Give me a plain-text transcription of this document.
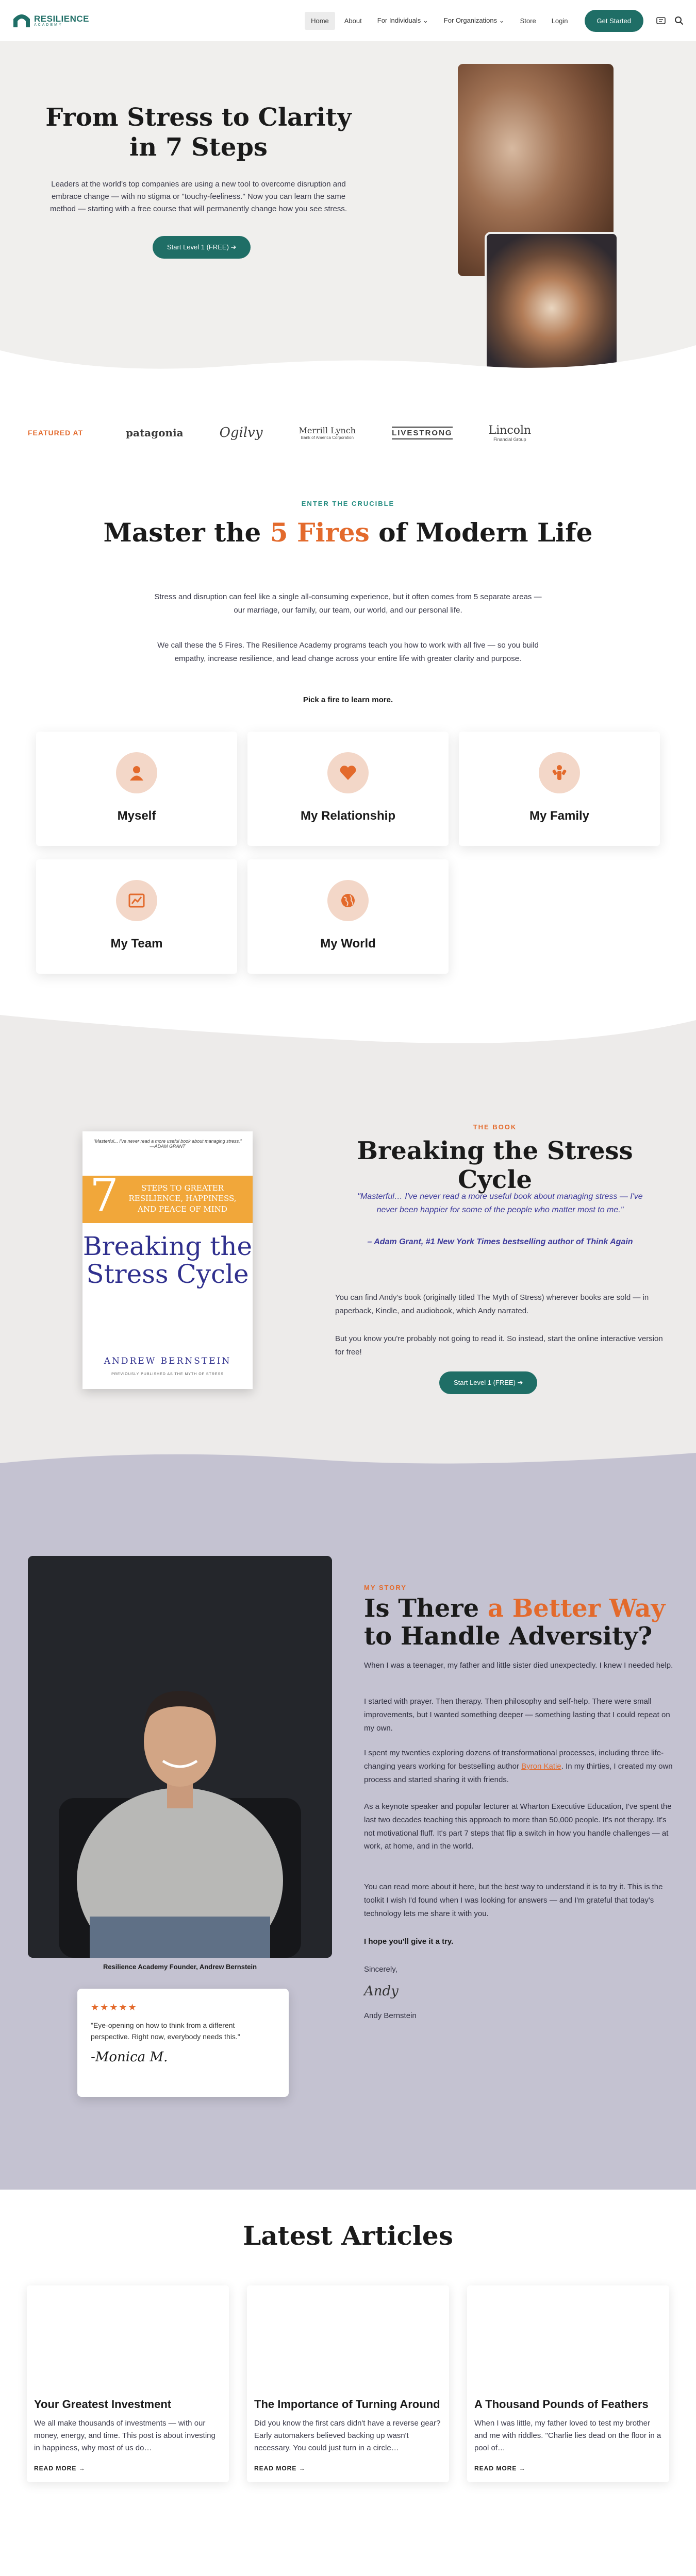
RESILIENCE
ACADEMY
Home	About	For Individuals ⌄	For Organizations ⌄	Store	Login	Get Started
From Stress to Clarity in 7 Steps

Leaders at the world's top companies are using a new tool to overcome disruption and embrace change — with no stigma or "touchy-feeliness." Now you can learn the same method — starting with a free course that will permanently change how you see stress.

Start Level 1 (FREE) ➔
FEATURED AT	patagonia	Ogilvy	Merrill Lynch
Bank of America Corporation
LIVESTRONG	Lincoln
Financial Group
ENTER THE CRUCIBLE
Master the 5 Fires of Modern Life

Stress and disruption can feel like a single all-consuming experience, but it often comes from 5 separate areas — our marriage, our family, our team, our world, and our personal life.

We call these the 5 Fires. The Resilience Academy programs teach you how to work with all five — so you build empathy, increase resilience, and lead change across your entire life with greater clarity and purpose.

Pick a fire to learn more.

Myself	My Relationship	My Family
My Team	My World
"Masterful... I've never read a more useful book about managing stress." —ADAM GRANT
7	STEPS TO GREATER RESILIENCE, HAPPINESS, AND PEACE OF MIND
Breaking the Stress Cycle
ANDREW BERNSTEIN
PREVIOUSLY PUBLISHED AS THE MYTH OF STRESS
THE BOOK
Breaking the Stress Cycle

"Masterful… I've never read a more useful book about managing stress — I've never been happier for some of the people who matter most to me."

– Adam Grant, #1 New York Times bestselling author of Think Again

You can find Andy's book (originally titled The Myth of Stress) wherever books are sold — in paperback, Kindle, and audiobook, which Andy narrated.

But you know you're probably not going to read it. So instead, start the online interactive version for free!

Start Level 1 (FREE) ➔
Resilience Academy Founder, Andrew Bernstein
★★★★★
"Eye-opening on how to think from a different perspective. Right now, everybody needs this."
-Monica M.
MY STORY
Is There a Better Way to Handle Adversity?

When I was a teenager, my father and little sister died unexpectedly. I knew I needed help.

I started with prayer. Then therapy. Then philosophy and self-help. There were small improvements, but I wanted something deeper — something lasting that I could repeat on my own.

I spent my twenties exploring dozens of transformational processes, including three life-changing years working for bestselling author Byron Katie. In my thirties, I created my own process and started sharing it with friends.

As a keynote speaker and popular lecturer at Wharton Executive Education, I've spent the last two decades teaching this approach to more than 50,000 people. It's not therapy. It's not motivational fluff. It's part 7 steps that flip a switch in how you handle challenges — at work, at home, and in the world.

You can read more about it here, but the best way to understand it is to try it. This is the toolkit I wish I'd found when I was looking for answers — and I'm grateful that today's technology lets me share it with you.

I hope you'll give it a try.

Sincerely,

Andy

Andy Bernstein

Latest Articles
Your Greatest Investment
We all make thousands of investments — with our money, energy, and time. This post is about investing in happiness, why most of us do…
READ MORE →
The Importance of Turning Around
Did you know the first cars didn't have a reverse gear? Early automakers believed backing up wasn't necessary. You could just turn in a circle…
READ MORE →
A Thousand Pounds of Feathers
When I was little, my father loved to test my brother and me with riddles. "Charlie lies dead on the floor in a pool of…
READ MORE →
